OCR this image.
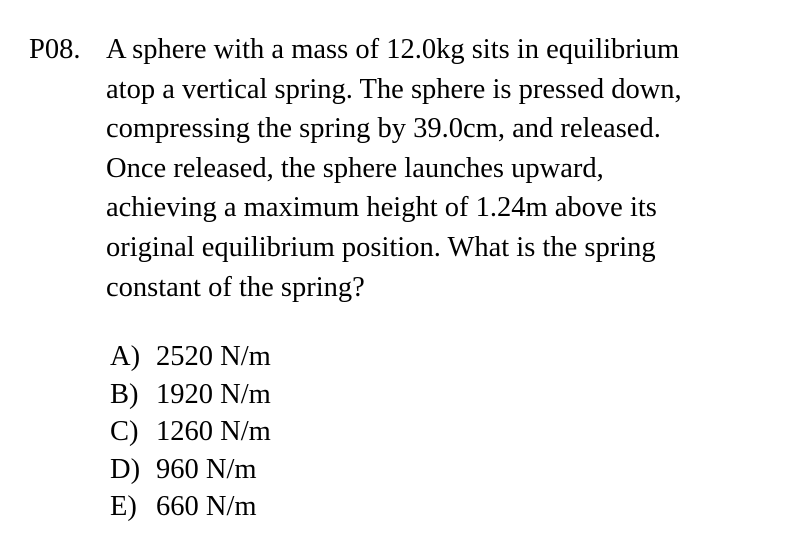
P08. A sphere with a mass of 12.0kg sits in equilibrium
atop a vertical spring. The sphere is pressed down,
compressing the spring by 39.0cm, and released.
Once released, the sphere launches upward,
achieving a maximum height of 1.24m above its
original equilibrium position. What is the spring
constant of the spring?
A) 2520 N/m
B) 1920 N/m
C) 1260 N/m
D) 960 N/m
E) 660 N/m
